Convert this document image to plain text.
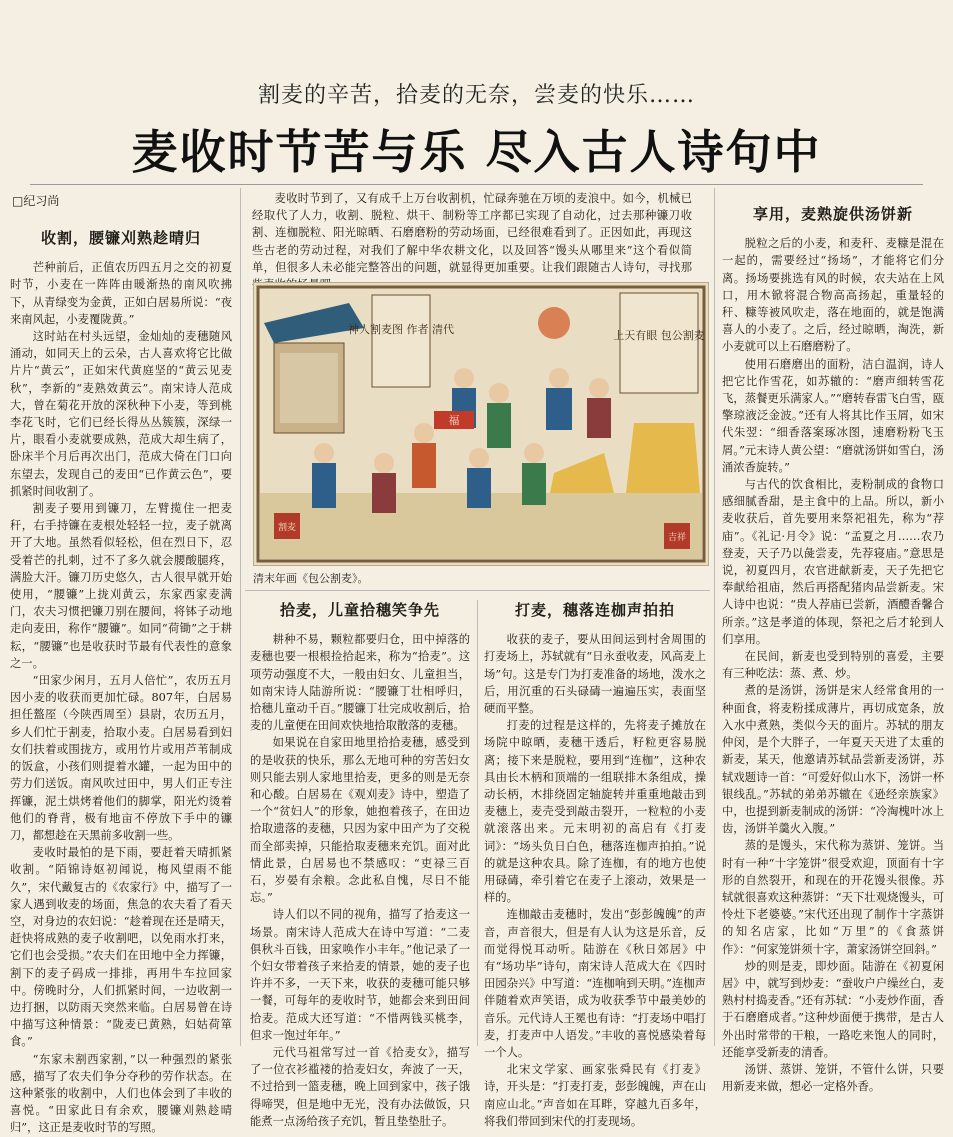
割麦的辛苦，拾麦的无奈，尝麦的快乐……
麦收时节苦与乐 尽入古人诗句中
□纪习尚	麦收时节到了，又有成千上万台收割机，忙碌奔驰在万顷的麦浪中。如今，机械已经取代了人力，收割、脱粒、烘干、制粉等工序都已实现了自动化，过去那种镰刀收割、连枷脱粒、阳光晾晒、石磨磨粉的劳动场面，已经很难看到了。正因如此，再现这些古老的劳动过程，对我们了解中华农耕文化，以及回答“馒头从哪里来”这个看似简单，但很多人未必能完整答出的问题，就显得更加重要。让我们跟随古人诗句，寻找那

收割，腰镰刈熟趁晴归

芒种前后，正值农历四五月之交的初夏时节，小麦在一阵阵由暖渐热的南风吹拂下，从青绿变为金黄，正如白居易所说：“夜来南风起，小麦覆陇黄。”

这时站在村头远望，金灿灿的麦穗随风涌动，如同天上的云朵，古人喜欢将它比做片片“黄云”，正如宋代黄庭坚的“黄云见麦秋”，李新的“麦熟效黄云”。南宋诗人范成大，曾在菊花开放的深秋种下小麦，等到桃李花飞时，它们已经长得丛丛簇簇，深绿一片，眼看小麦就要成熟，范成大却生病了，卧床半个月后再次出门，范成大倚在门口向东望去，发现自己的麦田“已作黄云色”，要抓紧时间收割了。

割麦子要用到镰刀，左臂揽住一把麦秆，右手持镰在麦根处轻轻一拉，麦子就离开了大地。虽然看似轻松，但在烈日下，忍受着芒的扎刺，过不了多久就会腰酸腿疼，满脸大汗。镰刀历史悠久，古人很早就开始使用，“腰镰”上拢刈黄云，东家西家麦满门，农夫习惯把镰刀别在腰间，将钵子动地走向麦田，称作“腰镰”。如同“荷锄”之于耕耘，“腰镰”也是收获时节最有代表性的意象之一。

“田家少闲月，五月人倍忙”，农历五月因小麦的收获而更加忙碌。807年，白居易担任盩厔（今陕西周至）县尉，农历五月，乡人们忙于割麦，拾取小麦。白居易看到妇女们扶着或围拢方，或用竹片或用芦苇制成的饭盒，小孩们则提着水罐，一起为田中的劳力们送饭。南风吹过田中，男人们正专注挥镰，泥土烘烤着他们的脚掌，阳光灼烫着他们的脊背，极有地亩不停放下手中的镰刀，都想趁在天黑前多收割一些。

麦收时最怕的是下雨，要赶着天晴抓紧收割。“陌锦诗妪初闻说，梅风望雨不能久”，宋代戴复古的《农家行》中，描写了一家人遇到收麦的场面，焦急的农夫看了看天空，对身边的农妇说：“趁着现在还是晴天，赶快将成熟的麦子收割吧，以免雨水打来，它们也会受损。”农夫们在田地中全力挥镰，割下的麦子码成一排排，再用牛车拉回家中。傍晚时分，人们抓紧时间，一边收割一边打捆，以防雨天突然来临。白居易曾在诗中描写这种情景：“陇麦已黄熟，妇姑荷箪食。”

“东家未割西家割，”以一种强烈的紧张感，描写了农夫们争分夺秒的劳作状态。在这种紧张的收割中，人们也体会到了丰收的喜悦。“田家此日有余欢，腰镰刈熟趁晴归”，这正是麦收时节的写照。

神人割麦图 作者 清代	上天有眼 包公割麦
福
割麦
吉祥
清末年画《包公割麦》。
拾麦，儿童拾穗笑争先

耕种不易，颗粒都要归仓，田中掉落的麦穗也要一根根捡拾起来，称为“拾麦”。这项劳动强度不大，一般由妇女、儿童担当，如南宋诗人陆游所说：“腰镰丁壮相呼归，拾穗儿童动千百。”腰镰丁壮完成收割后，拾麦的儿童便在田间欢快地拾取散落的麦穗。

如果说在自家田地里拾拾麦穗，感受到的是收获的快乐，那么无地可种的穷苦妇女则只能去别人家地里拾麦，更多的则是无奈和心酸。白居易在《观刈麦》诗中，塑造了一个“贫妇人”的形象，她抱着孩子，在田边拾取遗落的麦穗，只因为家中田产为了交税而全部卖掉，只能拾取麦穗来充饥。面对此情此景，白居易也不禁感叹：“吏禄三百石，岁晏有余粮。念此私自愧，尽日不能忘。”

诗人们以不同的视角，描写了拾麦这一场景。南宋诗人范成大在诗中写道：“二麦俱秋斗百钱，田家唤作小丰年。”他记录了一个妇女带着孩子来拾麦的情景，她的麦子也许并不多，一天下来，收获的麦穗可能只够一餐，可每年的麦收时节，她都会来到田间拾麦。范成大还写道：“不惜两钱买桃李，但求一饱过年年。”

元代马祖常写过一首《拾麦女》，描写了一位衣衫褴褛的拾麦妇女，奔波了一天，不过拾到一篮麦穗，晚上回到家中，孩子饿得啼哭，但是地中无光，没有办法做饭，只能煮一点汤给孩子充饥，暂且垫垫肚子。

打麦，穗落连枷声拍拍

收获的麦子，要从田间运到村舍周围的打麦场上，苏轼就有“日永蚕收麦，风高麦上场”句。这是专门为打麦准备的场地，泼水之后，用沉重的石头碌碡一遍遍压实，表面坚硬而平整。

打麦的过程是这样的，先将麦子摊放在场院中晾晒，麦穗干透后，籽粒更容易脱离；接下来是脱粒，要用到“连枷”，这种农具由长木柄和顶端的一组联排木条组成，操动长柄，木排绕固定轴旋转并重重地敲击到麦穗上，麦壳受到敲击裂开，一粒粒的小麦就滚落出来。元末明初的高启有《打麦词》：“场头负日白色，穗落连枷声拍拍。”说的就是这种农具。除了连枷，有的地方也使用碌碡，牵引着它在麦子上滚动，效果是一样的。

连枷敲击麦穗时，发出“彭彭魄魄”的声音，声音很大，但是有人认为这是乐音，反而觉得悦耳动听。陆游在《秋日郊居》中有“场功毕”诗句，南宋诗人范成大在《四时田园杂兴》中写道：“连枷响到天明。”连枷声伴随着欢声笑语，成为收获季节中最美妙的音乐。元代诗人王冕也有诗：“打麦场中唱打麦，打麦声中人语发。”丰收的喜悦感染着每一个人。

北宋文学家、画家张舜民有《打麦》诗，开头是：“打麦打麦，彭彭魄魄，声在山南应山北。”声音如在耳畔，穿越九百多年，将我们带回到宋代的打麦现场。

享用，麦熟旋供汤饼新

脱粒之后的小麦，和麦秆、麦糠是混在一起的，需要经过“扬场”，才能将它们分离。扬场要挑选有风的时候，农夫站在上风口，用木锨将混合物高高扬起，重量轻的秆、糠等被风吹走，落在地面的，就是饱满喜人的小麦了。之后，经过晾晒，淘洗，新小麦就可以上石磨磨粉了。

使用石磨磨出的面粉，洁白温润，诗人把它比作雪花，如苏辙的：“磨声细转雪花飞，蒸餐更乐满家人。”“磨转春雷飞白雪，瓯擎琼液泛金波。”还有人将其比作玉屑，如宋代朱翌：“细香落案琢冰图，速磨粉粉飞玉屑。”元末诗人黄公望：“磨就汤饼如雪白，汤涌浓香旋转。”

与古代的饮食相比，麦粉制成的食物口感细腻香甜，是主食中的上品。所以，新小麦收获后，首先要用来祭祀祖先，称为“荐庙”。《礼记·月令》说：“孟夏之月……农乃登麦，天子乃以彘尝麦，先荐寝庙。”意思是说，初夏四月，农官进献新麦，天子先把它奉献给祖庙，然后再搭配猪肉品尝新麦。宋人诗中也说：“贵人荐庙已尝新，酒醴香馨合所亲。”这是孝道的体现，祭祀之后才轮到人们享用。

在民间，新麦也受到特别的喜爱，主要有三种吃法：蒸、煮、炒。

煮的是汤饼，汤饼是宋人经常食用的一种面食，将麦粉揉成薄片，再切成宽条，放入水中煮熟，类似今天的面片。苏轼的朋友仲闵，是个大胖子，一年夏天天进了太重的新麦，某天，他邀请苏轼品尝新麦汤饼，苏轼戏题诗一首：“可爱好似山水下，汤饼一杯银线乱。”苏轼的弟弟苏辙在《逊经亲族家》中，也提到新麦制成的汤饼：“冷淘槐叶冰上齿，汤饼羊羹火入腹。”

蒸的是馒头，宋代称为蒸饼、笼饼。当时有一种“十字笼饼”很受欢迎，顶面有十字形的自然裂开，和现在的开花馒头很像。苏轼就很喜欢这种蒸饼：“天下壮观烧馒头，可怜灶下老婆婆。”宋代还出现了制作十字蒸饼的知名店家，比如“万里”的《食蒸饼作》：“何家笼饼须十字，萧家汤饼空回斜。”

炒的则是麦，即炒面。陆游在《初夏闲居》中，就写到炒麦：“蚕收户户缲丝白，麦熟村村捣麦香。”还有苏轼：“小麦炒作面，香于石磨磨成者。”这种炒面便于携带，是古人外出时常带的干粮，一路吃来饱人的同时，还能享受新麦的清香。

汤饼、蒸饼、笼饼，不管什么饼，只要用新麦来做，想必一定格外香。
